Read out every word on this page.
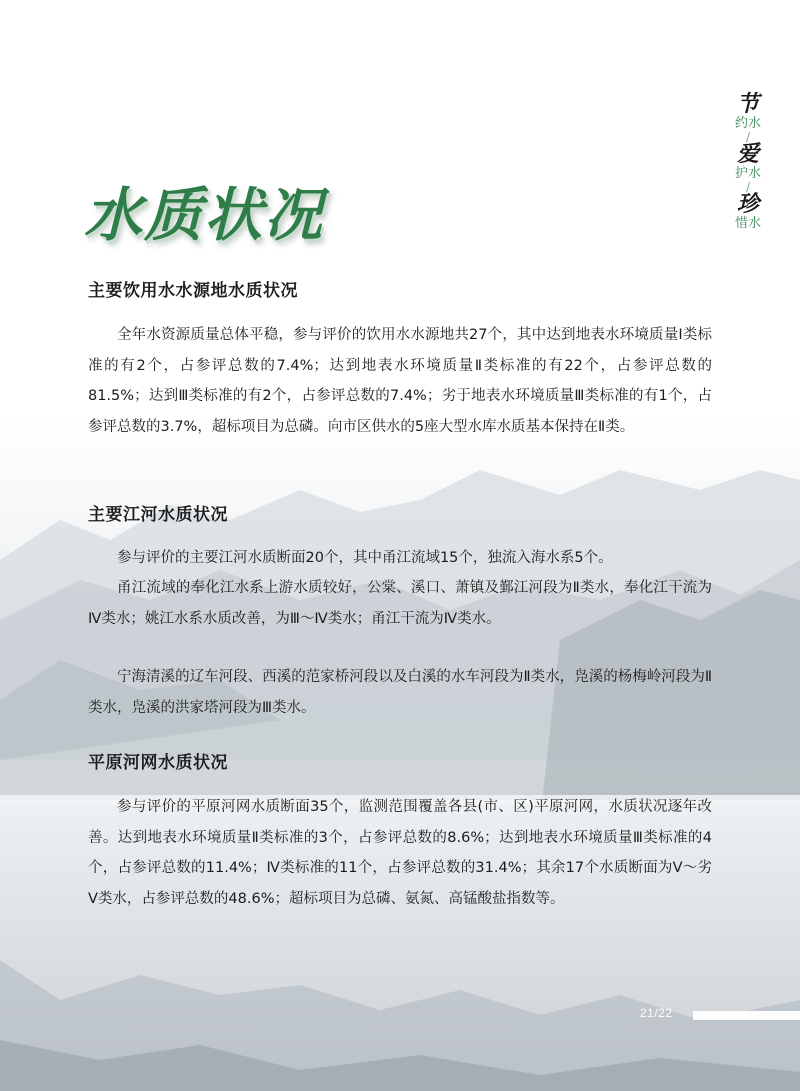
节
约水
/
爱
护水
/
珍
惜水
水质状况
主要饮用水水源地水质状况

全年水资源质量总体平稳，参与评价的饮用水水源地共27个，其中达到地表水环境质量Ⅰ类标准的有2个，占参评总数的7.4%；达到地表水环境质量Ⅱ类标准的有22个，占参评总数的81.5%；达到Ⅲ类标准的有2个，占参评总数的7.4%；劣于地表水环境质量Ⅲ类标准的有1个，占参评总数的3.7%，超标项目为总磷。向市区供水的5座大型水库水质基本保持在Ⅱ类。

主要江河水质状况

参与评价的主要江河水质断面20个，其中甬江流域15个，独流入海水系5个。

甬江流域的奉化江水系上游水质较好，公棠、溪口、萧镇及鄞江河段为Ⅱ类水，奉化江干流为Ⅳ类水；姚江水系水质改善，为Ⅲ～Ⅳ类水；甬江干流为Ⅳ类水。

宁海清溪的辽车河段、西溪的范家桥河段以及白溪的水车河段为Ⅱ类水，凫溪的杨梅岭河段为Ⅱ类水，凫溪的洪家塔河段为Ⅲ类水。

平原河网水质状况

参与评价的平原河网水质断面35个，监测范围覆盖各县(市、区)平原河网，水质状况逐年改善。达到地表水环境质量Ⅱ类标准的3个，占参评总数的8.6%；达到地表水环境质量Ⅲ类标准的4个，占参评总数的11.4%；Ⅳ类标准的11个，占参评总数的31.4%；其余17个水质断面为Ⅴ～劣Ⅴ类水，占参评总数的48.6%；超标项目为总磷、氨氮、高锰酸盐指数等。

21/22
